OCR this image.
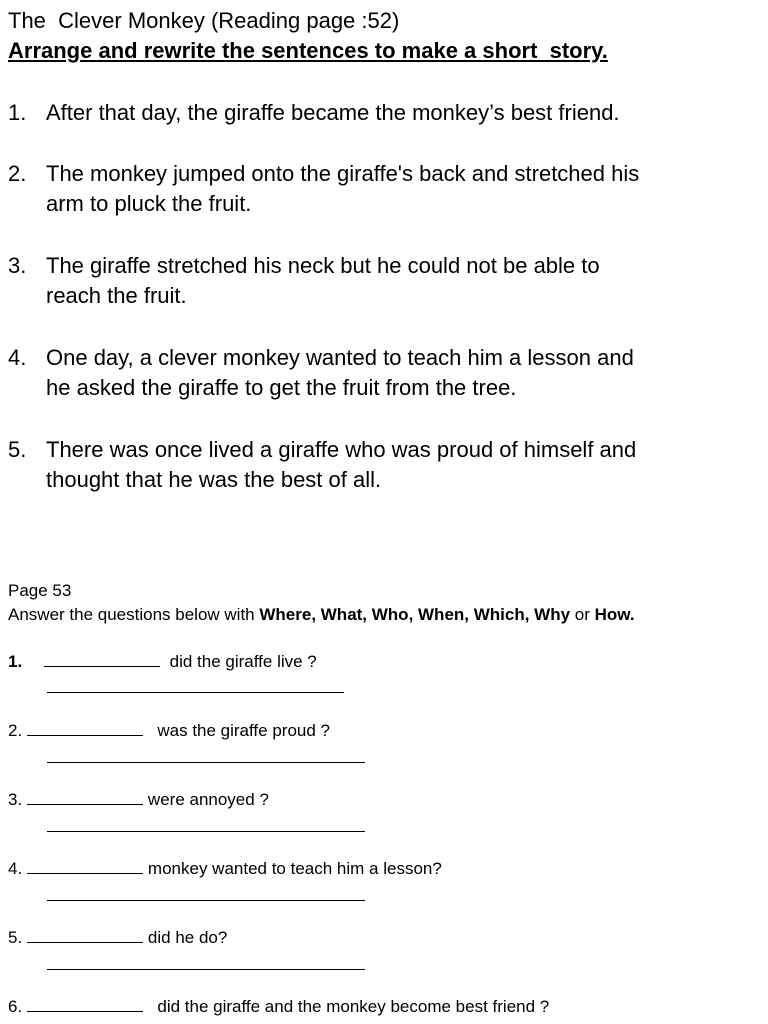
The  Clever Monkey (Reading page :52)
Arrange and rewrite the sentences to make a short  story.
1. After that day, the giraffe became the monkey’s best friend.
2. The monkey jumped onto the giraffe's back and stretched his
arm to pluck the fruit.
3. The giraffe stretched his neck but he could not be able to
reach the fruit.
4. One day, a clever monkey wanted to teach him a lesson and
he asked the giraffe to get the fruit from the tree.
5. There was once lived a giraffe who was proud of himself and
thought that he was the best of all.
Page 53
Answer the questions below with Where, What, Who, When, Which, Why or How.
1.	did the giraffe live ?
2.	was the giraffe proud ?
3.	were annoyed ?
4.	monkey wanted to teach him a lesson?
5.	did he do?
6.	did the giraffe and the monkey become best friend ?
